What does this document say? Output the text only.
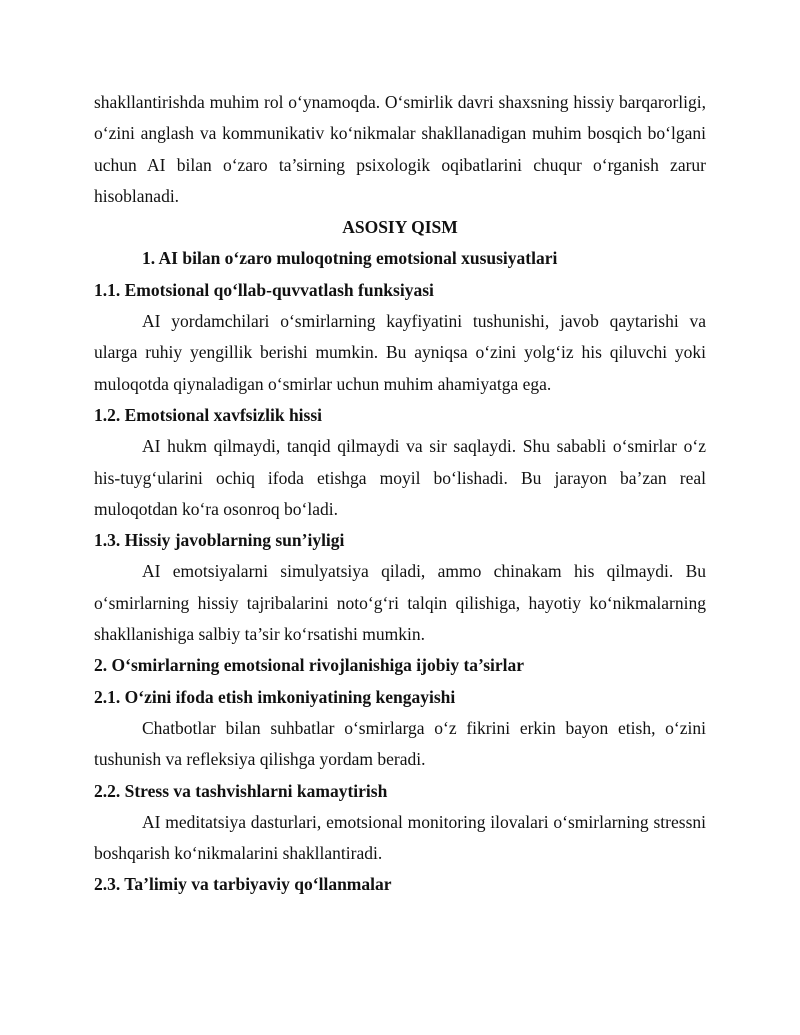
shakllantirishda muhim rol o‘ynamoqda. O‘smirlik davri shaxsning hissiy barqarorligi, o‘zini anglash va kommunikativ ko‘nikmalar shakllanadigan muhim bosqich bo‘lgani uchun AI bilan o‘zaro ta’sirning psixologik oqibatlarini chuqur o‘rganish zarur hisoblanadi.

ASOSIY QISM

1. AI bilan o‘zaro muloqotning emotsional xususiyatlari

1.1. Emotsional qo‘llab-quvvatlash funksiyasi

AI yordamchilari o‘smirlarning kayfiyatini tushunishi, javob qaytarishi va ularga ruhiy yengillik berishi mumkin. Bu ayniqsa o‘zini yolg‘iz his qiluvchi yoki muloqotda qiynaladigan o‘smirlar uchun muhim ahamiyatga ega.

1.2. Emotsional xavfsizlik hissi

AI hukm qilmaydi, tanqid qilmaydi va sir saqlaydi. Shu sababli o‘smirlar o‘z his-tuyg‘ularini ochiq ifoda etishga moyil bo‘lishadi. Bu jarayon ba’zan real muloqotdan ko‘ra osonroq bo‘ladi.

1.3. Hissiy javoblarning sun’iyligi

AI emotsiyalarni simulyatsiya qiladi, ammo chinakam his qilmaydi. Bu o‘smirlarning hissiy tajribalarini noto‘g‘ri talqin qilishiga, hayotiy ko‘nikmalarning shakllanishiga salbiy ta’sir ko‘rsatishi mumkin.

2. O‘smirlarning emotsional rivojlanishiga ijobiy ta’sirlar

2.1. O‘zini ifoda etish imkoniyatining kengayishi

Chatbotlar bilan suhbatlar o‘smirlarga o‘z fikrini erkin bayon etish, o‘zini tushunish va refleksiya qilishga yordam beradi.

2.2. Stress va tashvishlarni kamaytirish

AI meditatsiya dasturlari, emotsional monitoring ilovalari o‘smirlarning stressni boshqarish ko‘nikmalarini shakllantiradi.

2.3. Ta’limiy va tarbiyaviy qo‘llanmalar
